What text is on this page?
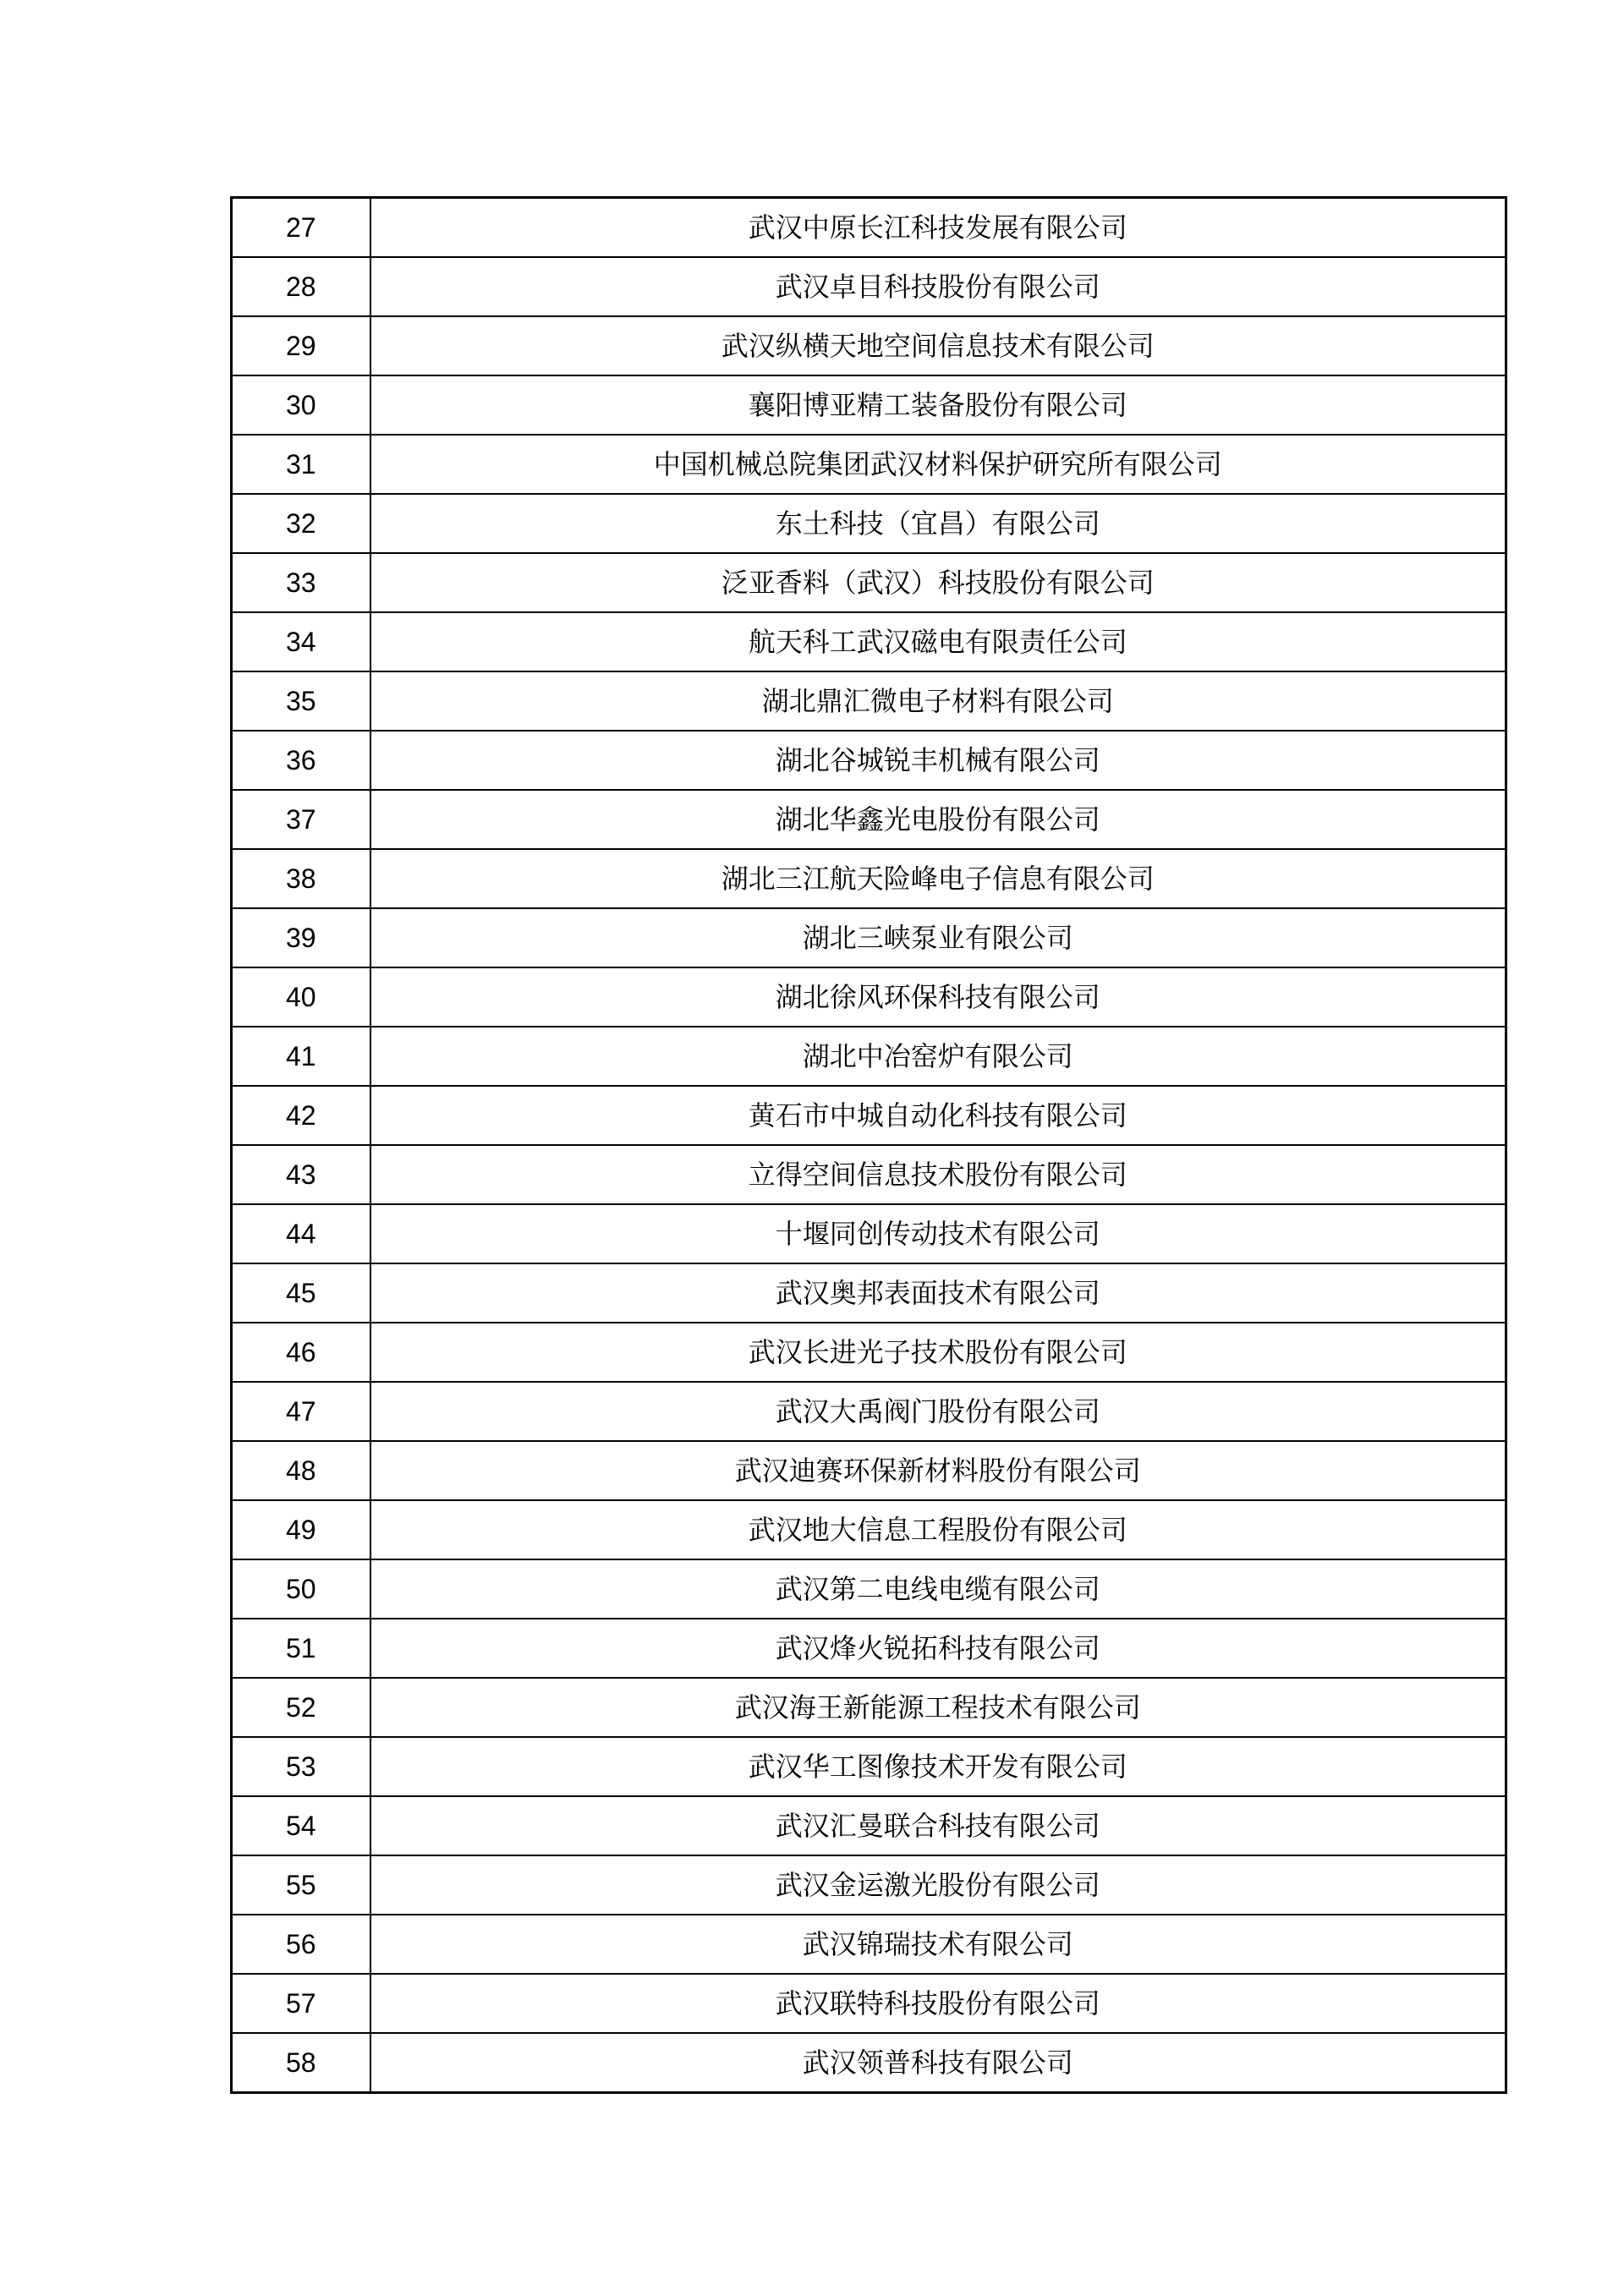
27	武汉中原长江科技发展有限公司
28	武汉卓目科技股份有限公司
29	武汉纵横天地空间信息技术有限公司
30	襄阳博亚精工装备股份有限公司
31	中国机械总院集团武汉材料保护研究所有限公司
32	东土科技（宜昌）有限公司
33	泛亚香料（武汉）科技股份有限公司
34	航天科工武汉磁电有限责任公司
35	湖北鼎汇微电子材料有限公司
36	湖北谷城锐丰机械有限公司
37	湖北华鑫光电股份有限公司
38	湖北三江航天险峰电子信息有限公司
39	湖北三峡泵业有限公司
40	湖北徐风环保科技有限公司
41	湖北中冶窑炉有限公司
42	黄石市中城自动化科技有限公司
43	立得空间信息技术股份有限公司
44	十堰同创传动技术有限公司
45	武汉奥邦表面技术有限公司
46	武汉长进光子技术股份有限公司
47	武汉大禹阀门股份有限公司
48	武汉迪赛环保新材料股份有限公司
49	武汉地大信息工程股份有限公司
50	武汉第二电线电缆有限公司
51	武汉烽火锐拓科技有限公司
52	武汉海王新能源工程技术有限公司
53	武汉华工图像技术开发有限公司
54	武汉汇曼联合科技有限公司
55	武汉金运激光股份有限公司
56	武汉锦瑞技术有限公司
57	武汉联特科技股份有限公司
58	武汉领普科技有限公司
